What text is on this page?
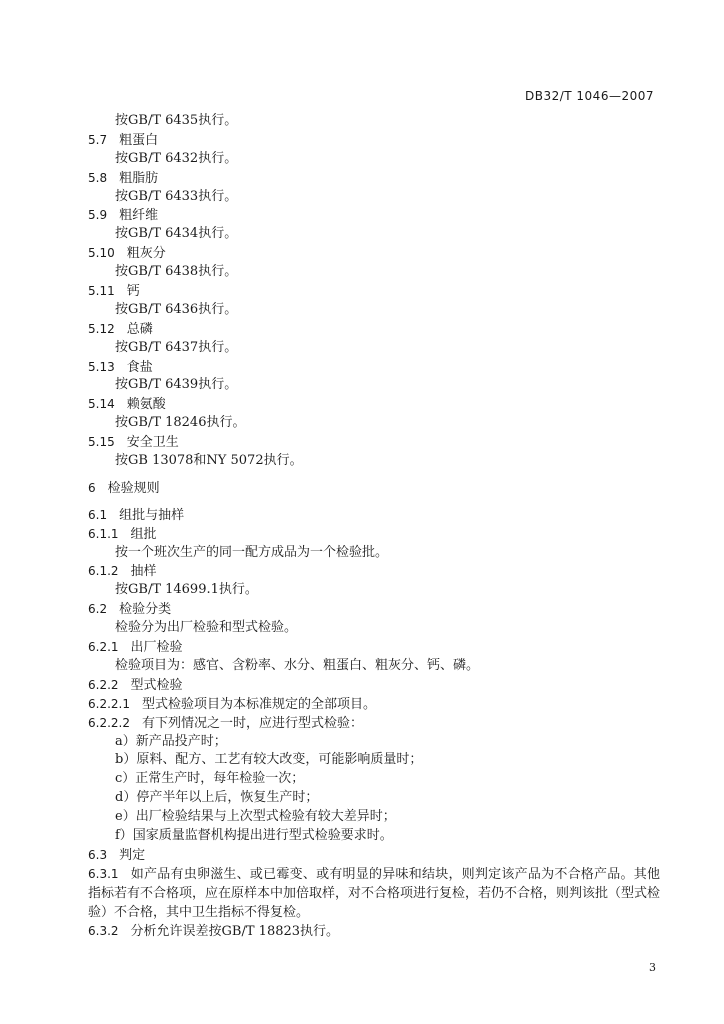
DB32/T 1046—2007
按GB/T 6435执行。
5.7 粗蛋白
按GB/T 6432执行。
5.8 粗脂肪
按GB/T 6433执行。
5.9 粗纤维
按GB/T 6434执行。
5.10 粗灰分
按GB/T 6438执行。
5.11 钙
按GB/T 6436执行。
5.12 总磷
按GB/T 6437执行。
5.13 食盐
按GB/T 6439执行。
5.14 赖氨酸
按GB/T 18246执行。
5.15 安全卫生
按GB 13078和NY 5072执行。
6 检验规则
6.1 组批与抽样
6.1.1 组批
按一个班次生产的同一配方成品为一个检验批。
6.1.2 抽样
按GB/T 14699.1执行。
6.2 检验分类
检验分为出厂检验和型式检验。
6.2.1 出厂检验
检验项目为：感官、含粉率、水分、粗蛋白、粗灰分、钙、磷。
6.2.2 型式检验
6.2.2.1 型式检验项目为本标准规定的全部项目。
6.2.2.2 有下列情况之一时，应进行型式检验：
a）新产品投产时；
b）原料、配方、工艺有较大改变，可能影响质量时；
c）正常生产时，每年检验一次；
d）停产半年以上后，恢复生产时；
e）出厂检验结果与上次型式检验有较大差异时；
f）国家质量监督机构提出进行型式检验要求时。
6.3 判定
6.3.1 如产品有虫卵滋生、或已霉变、或有明显的异味和结块，则判定该产品为不合格产品。其他指标若有不合格项，应在原样本中加倍取样，对不合格项进行复检，若仍不合格，则判该批（型式检验）不合格，其中卫生指标不得复检。
6.3.2 分析允许误差按GB/T 18823执行。
3
